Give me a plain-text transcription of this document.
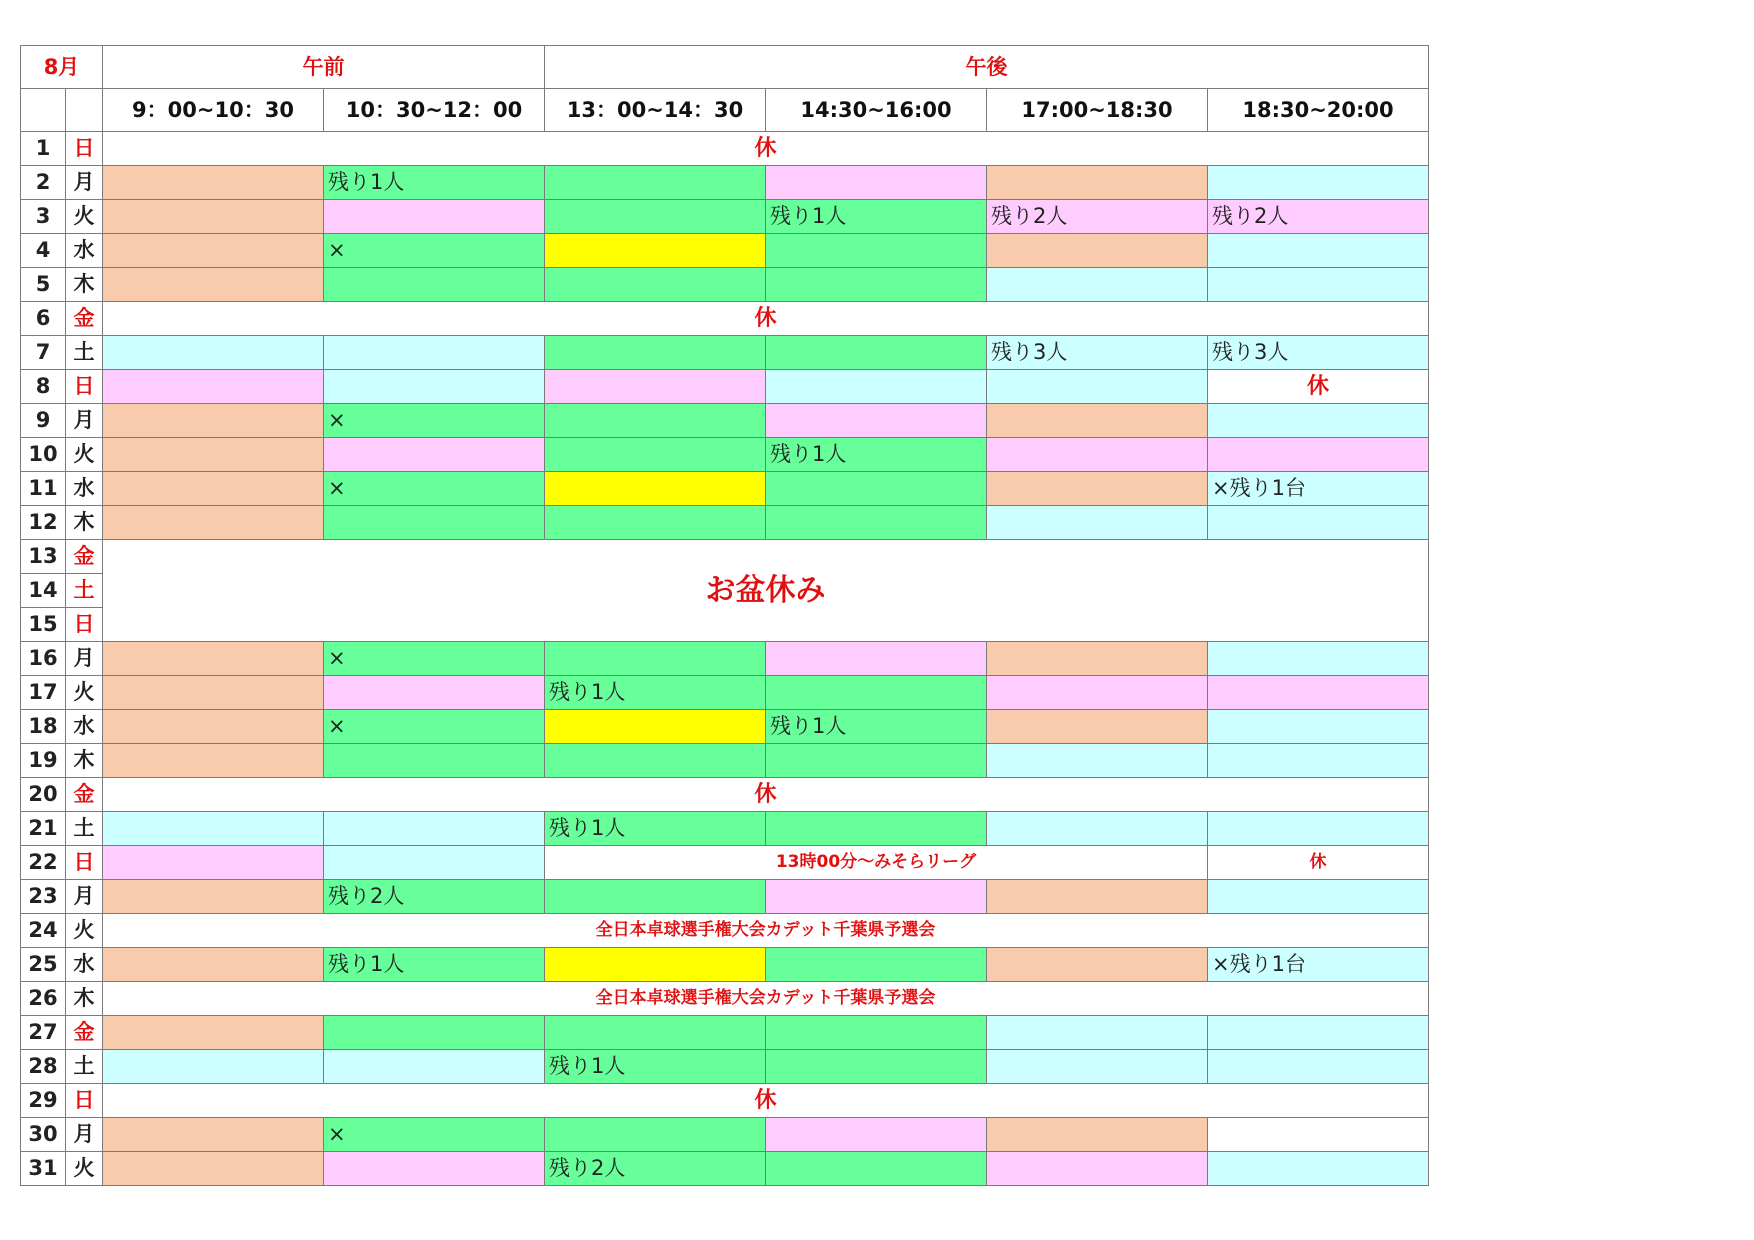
8月		午前		午後			
		9：00~10：30	10：30~12：00	13：00~14：30	14:30~16:00	17:00~18:30	18:30~20:00
1	日	休					
2	月		残り1人				
3	火				残り1人	残り2人	残り2人
4	水		×				
5	木						
6	金	休					
7	土					残り3人	残り3人
8	日						休
9	月		×				
10	火				残り1人		
11	水		×				×残り1台
12	木						
13	金	お盆休み					
14	土						
15	日						
16	月		×				
17	火			残り1人			
18	水		×		残り1人		
19	木						
20	金	休					
21	土			残り1人			
22	日			13時00分～みそらリーグ			休
23	月		残り2人				
24	火	全日本卓球選手権大会カデット千葉県予選会					
25	水		残り1人				×残り1台
26	木	全日本卓球選手権大会カデット千葉県予選会					
27	金						
28	土			残り1人			
29	日	休					
30	月		×				
31	火			残り2人			
